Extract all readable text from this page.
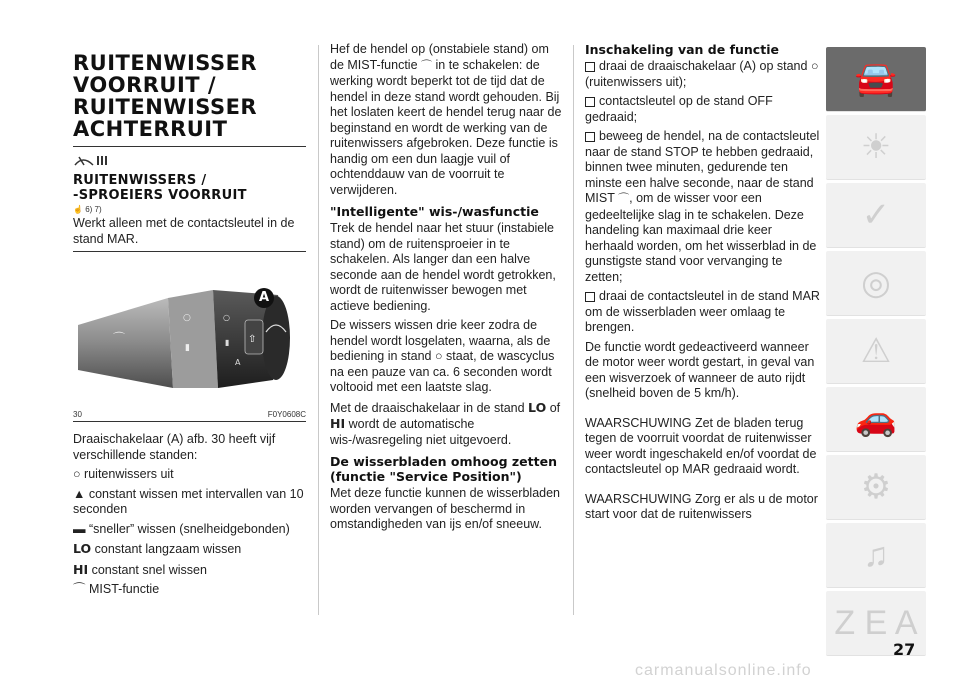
RUITENWISSER
VOORRUIT /
RUITENWISSER
ACHTERRUIT
RUITENWISSERS /
-SPROEIERS VOORRUIT
☝ 6) 7)

Werkt alleen met de contactsleutel in de stand MAR.

○
▮
○
▮
A
⇧
⌒
A
30	F0Y0608C

Draaischakelaar (A) afb. 30 heeft vijf verschillende standen:

○ ruitenwissers uit

▲ constant wissen met intervallen van 10 seconden

▬ “sneller” wissen (snelheidgebonden)

LO constant langzaam wissen

HI constant snel wissen

⌒ MIST-functie

Hef de hendel op (onstabiele stand) om de MIST-functie ⌒ in te schakelen: de werking wordt beperkt tot de tijd dat de hendel in deze stand wordt gehouden. Bij het loslaten keert de hendel terug naar de beginstand en wordt de werking van de ruitenwissers afgebroken. Deze functie is handig om een dun laagje vuil of ochtenddauw van de voorruit te verwijderen.

"Intelligente" wis-/wasfunctie

Trek de hendel naar het stuur (instabiele stand) om de ruitensproeier in te schakelen. Als langer dan een halve seconde aan de hendel wordt getrokken, wordt de ruitenwisser bewogen met actieve bediening.

De wissers wissen drie keer zodra de hendel wordt losgelaten, waarna, als de bediening in stand ○ staat, de wascyclus na een pauze van ca. 6 seconden wordt voltooid met een laatste slag.

Met de draaischakelaar in de stand LO of HI wordt de automatische wis-/wasregeling niet uitgevoerd.

De wisserbladen omhoog zetten (functie "Service Position")

Met deze functie kunnen de wisserbladen worden vervangen of beschermd in omstandigheden van ijs en/of sneeuw.

Inschakeling van de functie

draai de draaischakelaar (A) op stand ○ (ruitenwissers uit);

contactsleutel op de stand OFF gedraaid;

beweeg de hendel, na de contactsleutel naar de stand STOP te hebben gedraaid, binnen twee minuten, gedurende ten minste een halve seconde, naar de stand MIST ⌒, om de wisser voor een gedeeltelijke slag in te schakelen. Deze handeling kan maximaal drie keer herhaald worden, om het wisserblad in de gunstigste stand voor vervanging te zetten;

draai de contactsleutel in de stand MAR om de wisserbladen weer omlaag te brengen.

De functie wordt gedeactiveerd wanneer de motor weer wordt gestart, in geval van een wisverzoek of wanneer de auto rijdt (snelheid boven de 5 km/h).

WAARSCHUWING Zet de bladen terug tegen de voorruit voordat de ruitenwisser weer wordt ingeschakeld en/of voordat de contactsleutel op MAR gedraaid wordt.

WAARSCHUWING Zorg er als u de motor start voor dat de ruitenwissers

🚘
☀
✓
◎
⚠
🚗
⚙
♫
Z E A
27
carmanualsonline.info
